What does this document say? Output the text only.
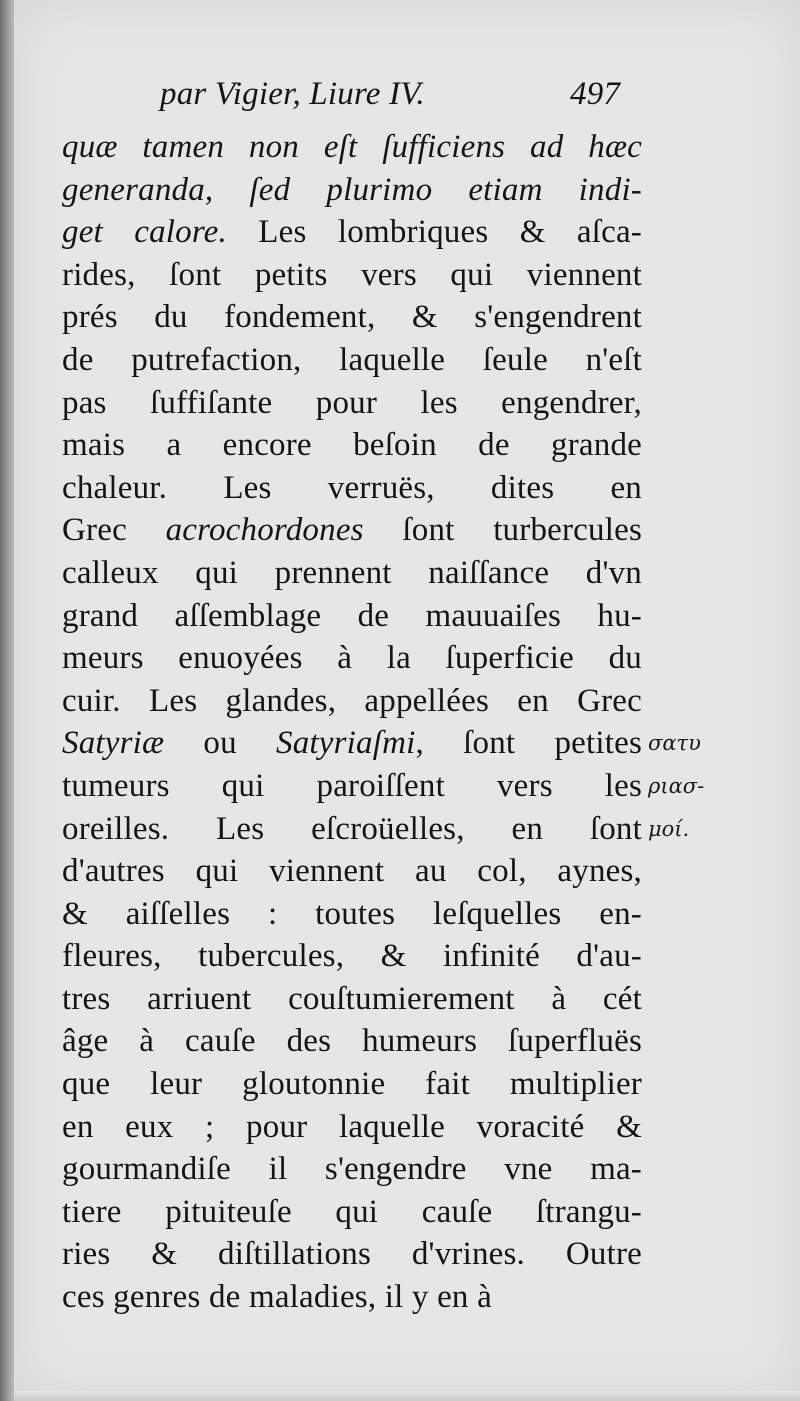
par Vigier, Liure IV.	497
quæ tamen non eſt ſufficiens ad hæc
generanda, ſed plurimo etiam indi-
get calore. Les lombriques & aſca-
rides, ſont petits vers qui viennent
prés du fondement, & s'engendrent
de putrefaction, laquelle ſeule n'eſt
pas ſuffiſante pour les engendrer,
mais a encore beſoin de grande
chaleur. Les verruës, dites en
Grec acrochordones ſont turbercules
calleux qui prennent naiſſance d'vn
grand aſſemblage de mauuaiſes hu-
meurs enuoyées à la ſuperficie du
cuir. Les glandes, appellées en Grec
Satyriæ ou Satyriaſmi, ſont petites
tumeurs qui paroiſſent vers les
oreilles. Les eſcroüelles, en ſont
d'autres qui viennent au col, aynes,
& aiſſelles : toutes leſquelles en-
fleures, tubercules, & infinité d'au-
tres arriuent couſtumierement à cét
âge à cauſe des humeurs ſuperfluës
que leur gloutonnie fait multiplier
en eux ; pour laquelle voracité &
gourmandiſe il s'engendre vne ma-
tiere pituiteuſe qui cauſe ſtrangu-
ries & diſtillations d'vrines. Outre
ces genres de maladies, il y en à
σατυ
ριασ-
μοί.
